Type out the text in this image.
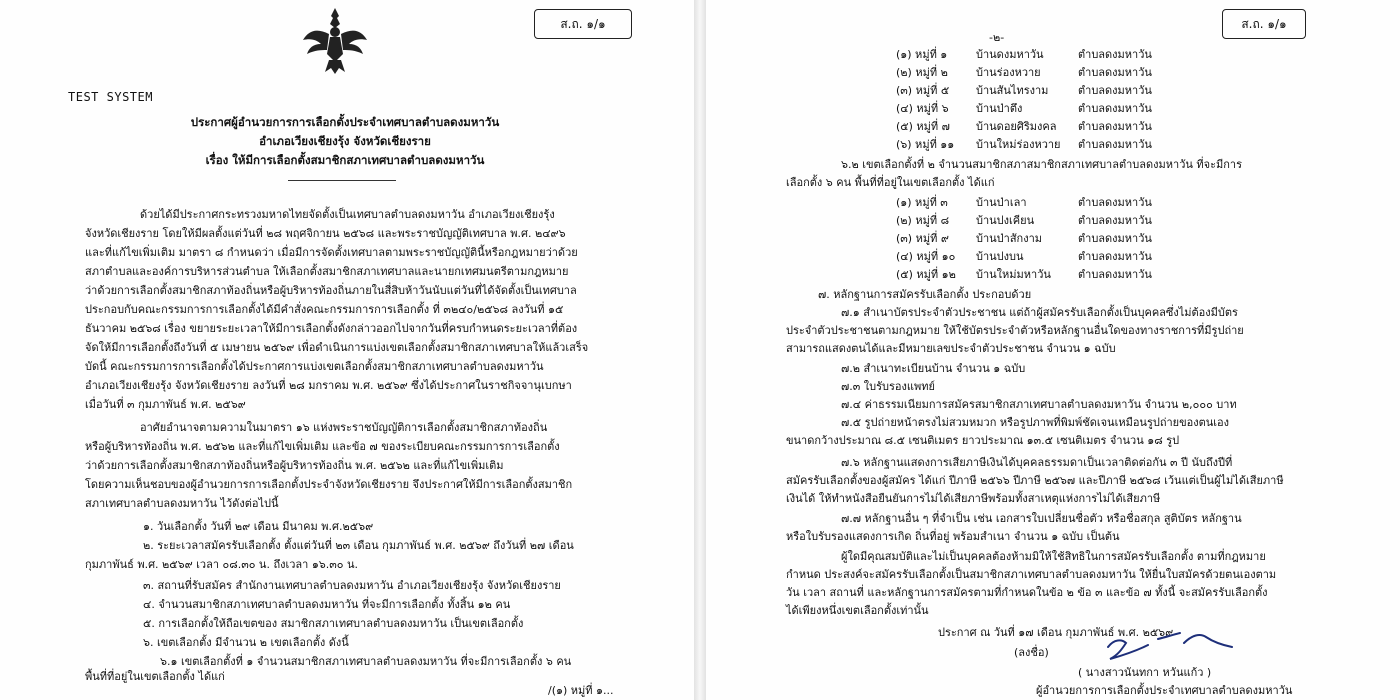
ส.ถ. ๑/๑
TEST SYSTEM
ประกาศผู้อำนวยการการเลือกตั้งประจำเทศบาลตำบลดงมหาวัน
อำเภอเวียงเชียงรุ้ง จังหวัดเชียงราย
เรื่อง ให้มีการเลือกตั้งสมาชิกสภาเทศบาลตำบลดงมหาวัน
ด้วยได้มีประกาศกระทรวงมหาดไทยจัดตั้งเป็นเทศบาลตำบลดงมหาวัน อำเภอเวียงเชียงรุ้ง
จังหวัดเชียงราย โดยให้มีผลตั้งแต่วันที่ ๒๘ พฤศจิกายน ๒๕๖๘ และพระราชบัญญัติเทศบาล พ.ศ. ๒๔๙๖
และที่แก้ไขเพิ่มเติม มาตรา ๘ กำหนดว่า เมื่อมีการจัดตั้งเทศบาลตามพระราชบัญญัตินี้หรือกฎหมายว่าด้วย
สภาตำบลและองค์การบริหารส่วนตำบล ให้เลือกตั้งสมาชิกสภาเทศบาลและนายกเทศมนตรีตามกฎหมาย
ว่าด้วยการเลือกตั้งสมาชิกสภาท้องถิ่นหรือผู้บริหารท้องถิ่นภายในสี่สิบห้าวันนับแต่วันที่ได้จัดตั้งเป็นเทศบาล
ประกอบกับคณะกรรมการการเลือกตั้งได้มีคำสั่งคณะกรรมการการเลือกตั้ง ที่ ๓๒๔๐/๒๕๖๘ ลงวันที่ ๑๕
ธันวาคม ๒๕๖๘ เรื่อง ขยายระยะเวลาให้มีการเลือกตั้งดังกล่าวออกไปจากวันที่ครบกำหนดระยะเวลาที่ต้อง
จัดให้มีการเลือกตั้งถึงวันที่ ๕ เมษายน ๒๕๖๙ เพื่อดำเนินการแบ่งเขตเลือกตั้งสมาชิกสภาเทศบาลให้แล้วเสร็จ
บัดนี้ คณะกรรมการการเลือกตั้งได้ประกาศการแบ่งเขตเลือกตั้งสมาชิกสภาเทศบาลตำบลดงมหาวัน
อำเภอเวียงเชียงรุ้ง จังหวัดเชียงราย ลงวันที่ ๒๘ มกราคม พ.ศ. ๒๕๖๙ ซึ่งได้ประกาศในราชกิจจานุเบกษา
เมื่อวันที่ ๓ กุมภาพันธ์ พ.ศ. ๒๕๖๙
อาศัยอำนาจตามความในมาตรา ๑๖ แห่งพระราชบัญญัติการเลือกตั้งสมาชิกสภาท้องถิ่น
หรือผู้บริหารท้องถิ่น พ.ศ. ๒๕๖๒ และที่แก้ไขเพิ่มเติม และข้อ ๗ ของระเบียบคณะกรรมการการเลือกตั้ง
ว่าด้วยการเลือกตั้งสมาชิกสภาท้องถิ่นหรือผู้บริหารท้องถิ่น พ.ศ. ๒๕๖๒ และที่แก้ไขเพิ่มเติม
โดยความเห็นชอบของผู้อำนวยการการเลือกตั้งประจำจังหวัดเชียงราย จึงประกาศให้มีการเลือกตั้งสมาชิก
สภาเทศบาลตำบลดงมหาวัน ไว้ดังต่อไปนี้
๑. วันเลือกตั้ง วันที่ ๒๙ เดือน มีนาคม พ.ศ.๒๕๖๙
๒. ระยะเวลาสมัครรับเลือกตั้ง ตั้งแต่วันที่ ๒๓ เดือน กุมภาพันธ์ พ.ศ. ๒๕๖๙ ถึงวันที่ ๒๗ เดือน
กุมภาพันธ์ พ.ศ. ๒๕๖๙ เวลา ๐๘.๓๐ น. ถึงเวลา ๑๖.๓๐ น.
๓. สถานที่รับสมัคร สำนักงานเทศบาลตำบลดงมหาวัน อำเภอเวียงเชียงรุ้ง จังหวัดเชียงราย
๔. จำนวนสมาชิกสภาเทศบาลตำบลดงมหาวัน ที่จะมีการเลือกตั้ง ทั้งสิ้น ๑๒ คน
๕. การเลือกตั้งให้ถือเขตของ สมาชิกสภาเทศบาลตำบลดงมหาวัน เป็นเขตเลือกตั้ง
๖. เขตเลือกตั้ง มีจำนวน ๒ เขตเลือกตั้ง ดังนี้
๖.๑ เขตเลือกตั้งที่ ๑ จำนวนสมาชิกสภาเทศบาลตำบลดงมหาวัน ที่จะมีการเลือกตั้ง ๖ คน
พื้นที่ที่อยู่ในเขตเลือกตั้ง ได้แก่
/(๑) หมู่ที่ ๑...
ส.ถ. ๑/๑
-๒-
(๑) หมู่ที่ ๑	บ้านดงมหาวัน	ตำบลดงมหาวัน
(๒) หมู่ที่ ๒	บ้านร่องหวาย	ตำบลดงมหาวัน
(๓) หมู่ที่ ๕ บ้านสันไทรงาม	ตำบลดงมหาวัน
(๔) หมู่ที่ ๖ บ้านป่าตึง	ตำบลดงมหาวัน
(๕) หมู่ที่ ๗ บ้านดอยศิริมงคล ตำบลดงมหาวัน
(๖) หมู่ที่ ๑๑ บ้านใหม่ร่องหวาย ตำบลดงมหาวัน
๖.๒ เขตเลือกตั้งที่ ๒ จำนวนสมาชิกสภาสมาชิกสภาเทศบาลตำบลดงมหาวัน ที่จะมีการ
เลือกตั้ง ๖ คน พื้นที่ที่อยู่ในเขตเลือกตั้ง ได้แก่
(๑) หมู่ที่ ๓	บ้านป่าเลา	ตำบลดงมหาวัน
(๒) หมู่ที่ ๘ บ้านปงเคียน	ตำบลดงมหาวัน
(๓) หมู่ที่ ๙ บ้านป่าสักงาม	ตำบลดงมหาวัน
(๔) หมู่ที่ ๑๐ บ้านปงบน	ตำบลดงมหาวัน
(๕) หมู่ที่ ๑๒ บ้านใหม่มหาวัน ตำบลดงมหาวัน
๗. หลักฐานการสมัครรับเลือกตั้ง ประกอบด้วย
๗.๑ สำเนาบัตรประจำตัวประชาชน แต่ถ้าผู้สมัครรับเลือกตั้งเป็นบุคคลซึ่งไม่ต้องมีบัตร
ประจำตัวประชาชนตามกฎหมาย ให้ใช้บัตรประจำตัวหรือหลักฐานอื่นใดของทางราชการที่มีรูปถ่าย
สามารถแสดงตนได้และมีหมายเลขประจำตัวประชาชน จำนวน ๑ ฉบับ
๗.๒ สำเนาทะเบียนบ้าน จำนวน ๑ ฉบับ
๗.๓ ใบรับรองแพทย์
๗.๔ ค่าธรรมเนียมการสมัครสมาชิกสภาเทศบาลตำบลดงมหาวัน จำนวน ๒,๐๐๐ บาท
๗.๕ รูปถ่ายหน้าตรงไม่สวมหมวก หรือรูปภาพที่พิมพ์ชัดเจนเหมือนรูปถ่ายของตนเอง
ขนาดกว้างประมาณ ๘.๕ เซนติเมตร ยาวประมาณ ๑๓.๕ เซนติเมตร จำนวน ๑๘ รูป
๗.๖ หลักฐานแสดงการเสียภาษีเงินได้บุคคลธรรมดาเป็นเวลาติดต่อกัน ๓ ปี นับถึงปีที่
สมัครรับเลือกตั้งของผู้สมัคร ได้แก่ ปีภาษี ๒๕๖๖ ปีภาษี ๒๕๖๗ และปีภาษี ๒๕๖๘ เว้นแต่เป็นผู้ไม่ได้เสียภาษี
เงินได้ ให้ทำหนังสือยืนยันการไม่ได้เสียภาษีพร้อมทั้งสาเหตุแห่งการไม่ได้เสียภาษี
๗.๗ หลักฐานอื่น ๆ ที่จำเป็น เช่น เอกสารใบเปลี่ยนชื่อตัว หรือชื่อสกุล สูติบัตร หลักฐาน
หรือใบรับรองแสดงการเกิด ถิ่นที่อยู่ พร้อมสำเนา จำนวน ๑ ฉบับ เป็นต้น
ผู้ใดมีคุณสมบัติและไม่เป็นบุคคลต้องห้ามมิให้ใช้สิทธิในการสมัครรับเลือกตั้ง ตามที่กฎหมาย
กำหนด ประสงค์จะสมัครรับเลือกตั้งเป็นสมาชิกสภาเทศบาลตำบลดงมหาวัน ให้ยื่นใบสมัครด้วยตนเองตาม
วัน เวลา สถานที่ และหลักฐานการสมัครตามที่กำหนดในข้อ ๒ ข้อ ๓ และข้อ ๗ ทั้งนี้ จะสมัครรับเลือกตั้ง
ได้เพียงหนึ่งเขตเลือกตั้งเท่านั้น
ประกาศ ณ วันที่ ๑๗ เดือน กุมภาพันธ์ พ.ศ. ๒๕๖๙
(ลงชื่อ)
( นางสาวนันทกา หวันแก้ว )
ผู้อำนวยการการเลือกตั้งประจำเทศบาลตำบลดงมหาวัน
